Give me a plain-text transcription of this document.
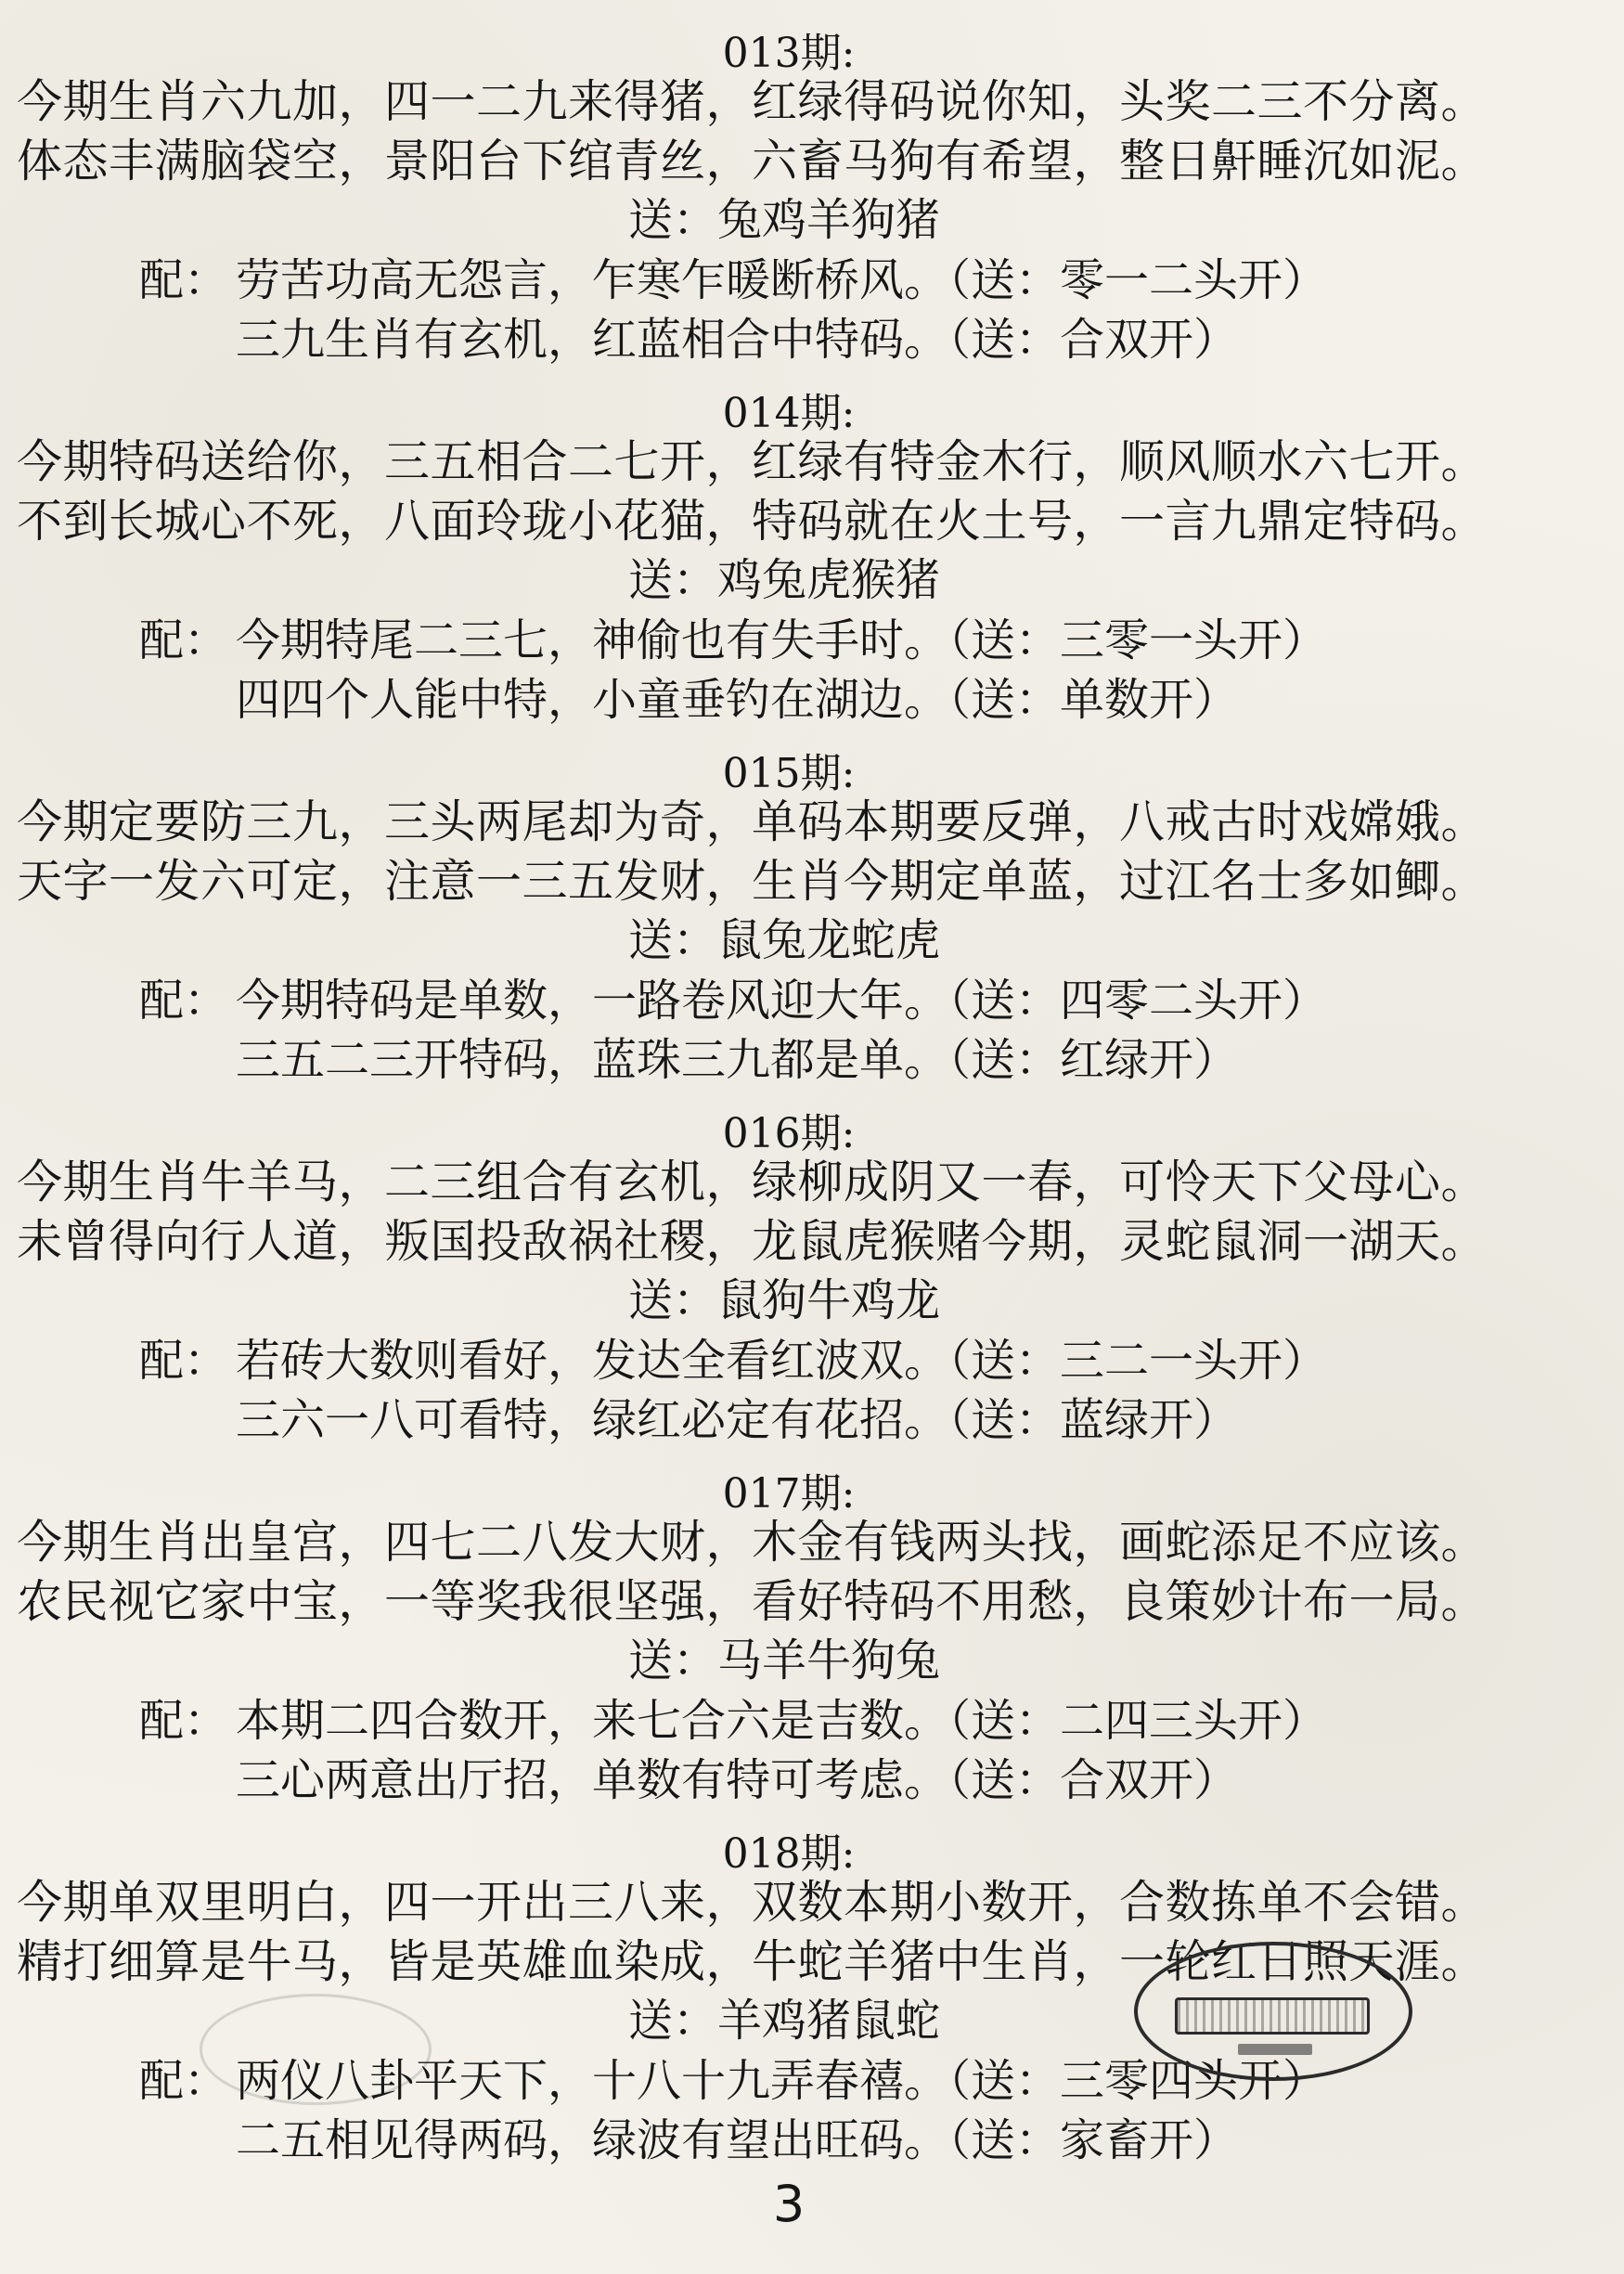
013期:
今期生肖六九加，四一二九来得猪，红绿得码说你知，头奖二三不分离。
体态丰满脑袋空，景阳台下绾青丝，六畜马狗有希望，整日鼾睡沉如泥。
送：兔鸡羊狗猪
配： 劳苦功高无怨言，乍寒乍暖断桥风。（送：零一二头开）
三九生肖有玄机，红蓝相合中特码。（送：合双开）
014期:
今期特码送给你，三五相合二七开，红绿有特金木行，顺风顺水六七开。
不到长城心不死，八面玲珑小花猫，特码就在火土号，一言九鼎定特码。
送：鸡兔虎猴猪
配： 今期特尾二三七，神偷也有失手时。（送：三零一头开）
四四个人能中特，小童垂钓在湖边。（送：单数开）
015期:
今期定要防三九，三头两尾却为奇，单码本期要反弹，八戒古时戏嫦娥。
天字一发六可定，注意一三五发财，生肖今期定单蓝，过江名士多如鲫。
送：鼠兔龙蛇虎
配： 今期特码是单数，一路卷风迎大年。（送：四零二头开）
三五二三开特码，蓝珠三九都是单。（送：红绿开）
016期:
今期生肖牛羊马，二三组合有玄机，绿柳成阴又一春，可怜天下父母心。
未曾得向行人道，叛国投敌祸社稷，龙鼠虎猴赌今期，灵蛇鼠洞一湖天。
送：鼠狗牛鸡龙
配： 若砖大数则看好，发达全看红波双。（送：三二一头开）
三六一八可看特，绿红必定有花招。（送：蓝绿开）
017期:
今期生肖出皇宫，四七二八发大财，木金有钱两头找，画蛇添足不应该。
农民视它家中宝，一等奖我很坚强，看好特码不用愁，良策妙计布一局。
送：马羊牛狗兔
配： 本期二四合数开，来七合六是吉数。（送：二四三头开）
三心两意出厅招，单数有特可考虑。（送：合双开）
018期:
今期单双里明白，四一开出三八来，双数本期小数开，合数拣单不会错。
精打细算是牛马，皆是英雄血染成，牛蛇羊猪中生肖，一轮红日照天涯。
送：羊鸡猪鼠蛇
配： 两仪八卦平天下，十八十九弄春禧。（送：三零四头开）
二五相见得两码，绿波有望出旺码。（送：家畜开）
3
